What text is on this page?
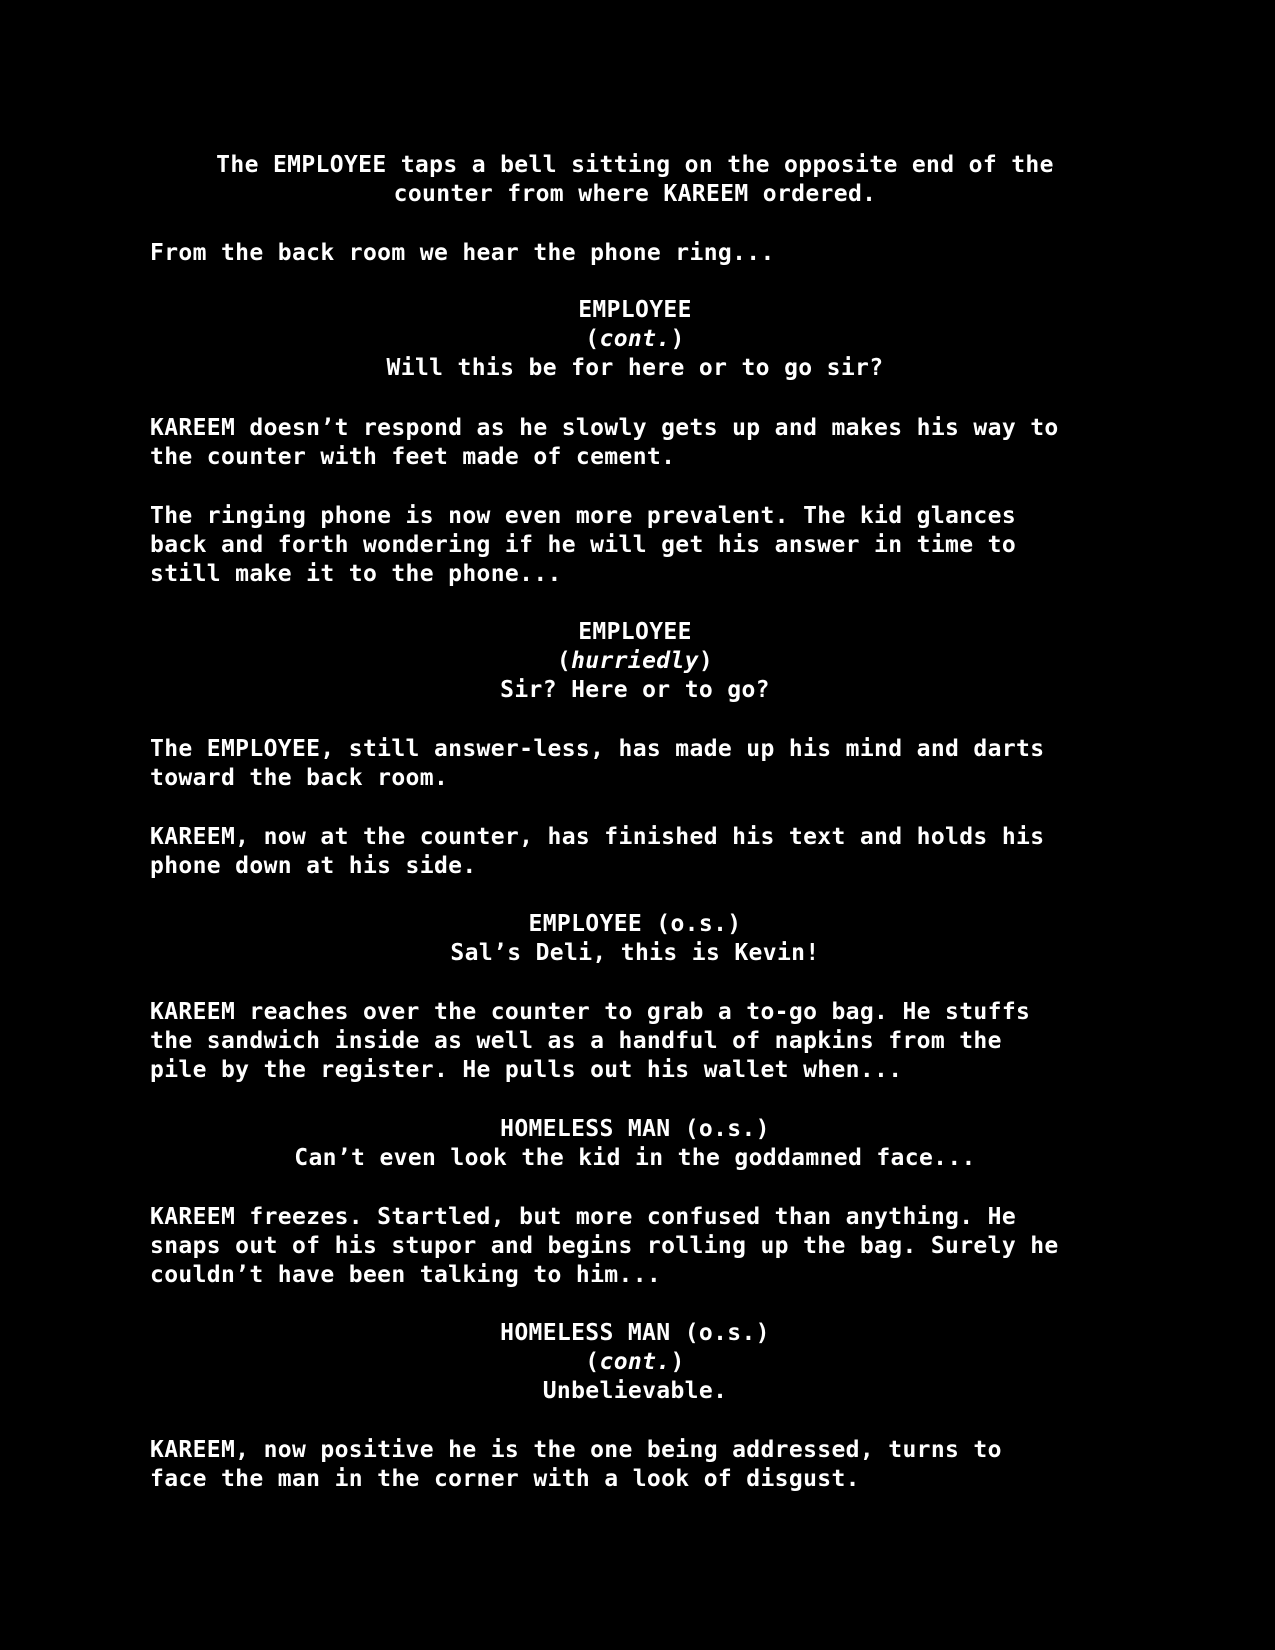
The EMPLOYEE taps a bell sitting on the opposite end of the

counter from where KAREEM ordered.

From the back room we hear the phone ring...

EMPLOYEE

(cont.)

Will this be for here or to go sir?

KAREEM doesn’t respond as he slowly gets up and makes his way to

the counter with feet made of cement.

The ringing phone is now even more prevalent. The kid glances

back and forth wondering if he will get his answer in time to

still make it to the phone...

EMPLOYEE

(hurriedly)

Sir? Here or to go?

The EMPLOYEE, still answer-less, has made up his mind and darts

toward the back room.

KAREEM, now at the counter, has finished his text and holds his

phone down at his side.

EMPLOYEE (o.s.)

Sal’s Deli, this is Kevin!

KAREEM reaches over the counter to grab a to-go bag. He stuffs

the sandwich inside as well as a handful of napkins from the

pile by the register. He pulls out his wallet when...

HOMELESS MAN (o.s.)

Can’t even look the kid in the goddamned face...

KAREEM freezes. Startled, but more confused than anything. He

snaps out of his stupor and begins rolling up the bag. Surely he

couldn’t have been talking to him...

HOMELESS MAN (o.s.)

(cont.)

Unbelievable.

KAREEM, now positive he is the one being addressed, turns to

face the man in the corner with a look of disgust.
